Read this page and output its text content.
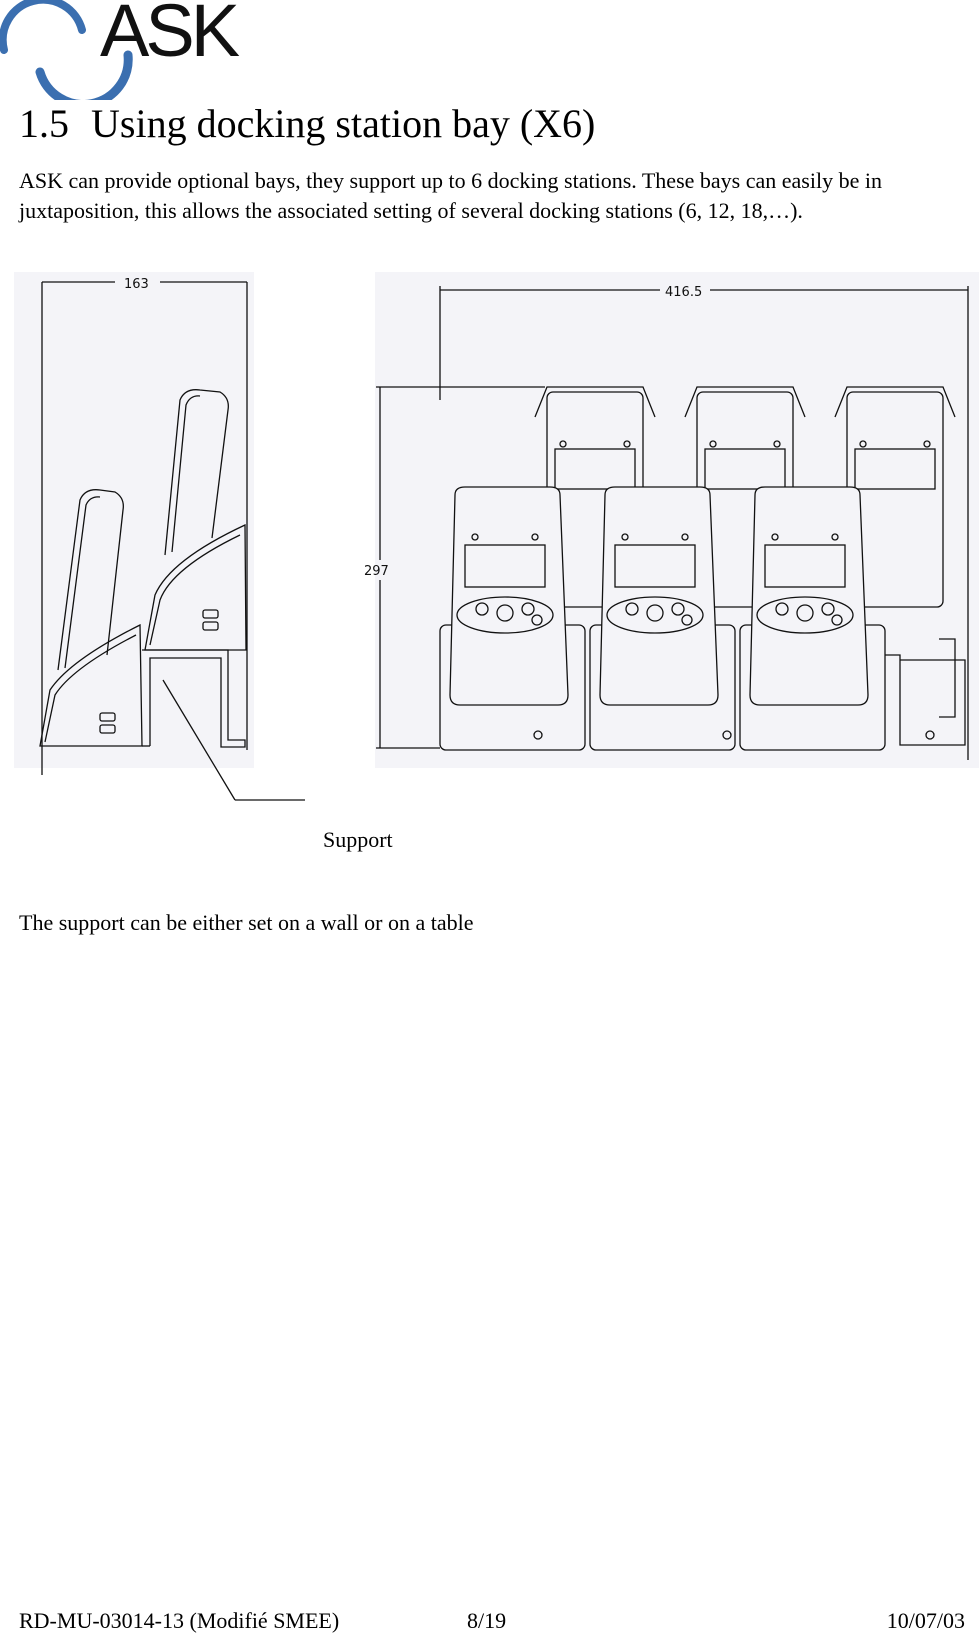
ASK
1.5 Using docking station bay (X6)

ASK can provide optional bays, they support up to 6 docking stations. These bays can easily be in juxtaposition, this allows the associated setting of several docking stations (6, 12, 18,…).

163
416.5
297
Support

The support can be either set on a wall or on a table

RD-MU-03014-13 (Modifié SMEE)	8/19	10/07/03
